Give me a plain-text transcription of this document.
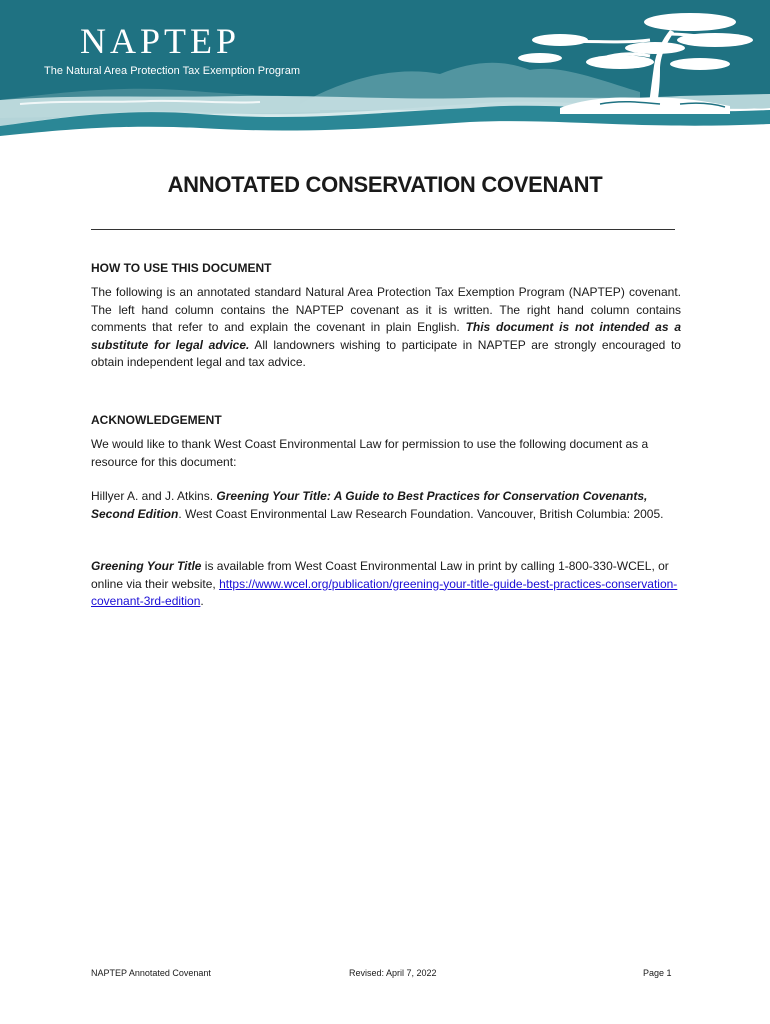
NAPTEP
The Natural Area Protection Tax Exemption Program
ANNOTATED CONSERVATION COVENANT
HOW TO USE THIS DOCUMENT

The following is an annotated standard Natural Area Protection Tax Exemption Program (NAPTEP) covenant. The left hand column contains the NAPTEP covenant as it is written. The right hand column contains comments that refer to and explain the covenant in plain English. This document is not intended as a substitute for legal advice. All landowners wishing to participate in NAPTEP are strongly encouraged to obtain independent legal and tax advice.

ACKNOWLEDGEMENT

We would like to thank West Coast Environmental Law for permission to use the following document as a resource for this document:

Hillyer A. and J. Atkins. Greening Your Title: A Guide to Best Practices for Conservation Covenants, Second Edition. West Coast Environmental Law Research Foundation. Vancouver, British Columbia: 2005.

Greening Your Title is available from West Coast Environmental Law in print by calling 1-800-330-WCEL, or online via their website, https://www.wcel.org/publication/greening-your-title-guide-best-practices-conservation-covenant-3rd-edition.

NAPTEP Annotated Covenant	Revised: April 7, 2022	Page 1
